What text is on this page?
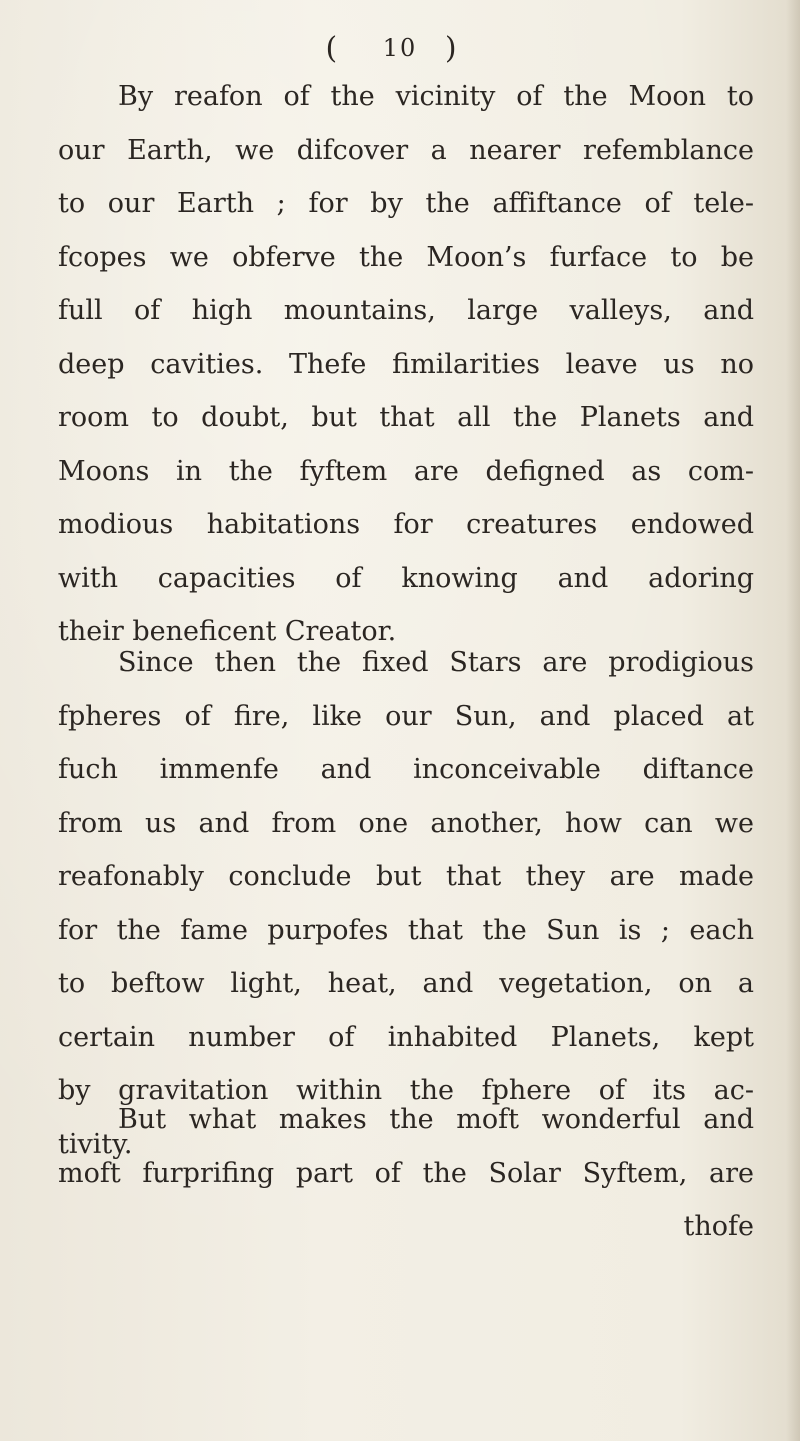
( 10 )
By reafon of the vicinity of the Moon to
our Earth, we difcover a nearer refemblance
to our Earth ; for by the affiftance of tele-
fcopes we obferve the Moon’s furface to be
full of high mountains, large valleys, and
deep cavities. Thefe fimilarities leave us no
room to doubt, but that all the Planets and
Moons in the fyftem are defigned as com-
modious habitations for creatures endowed
with capacities of knowing and adoring
their beneficent Creator.
Since then the fixed Stars are prodigious
fpheres of fire, like our Sun, and placed at
fuch immenfe and inconceivable diftance
from us and from one another, how can we
reafonably conclude but that they are made
for the fame purpofes that the Sun is ; each
to beftow light, heat, and vegetation, on a
certain number of inhabited Planets, kept
by gravitation within the fphere of its ac-
tivity.
But what makes the moft wonderful and
moft furprifing part of the Solar Syftem, are
thofe
